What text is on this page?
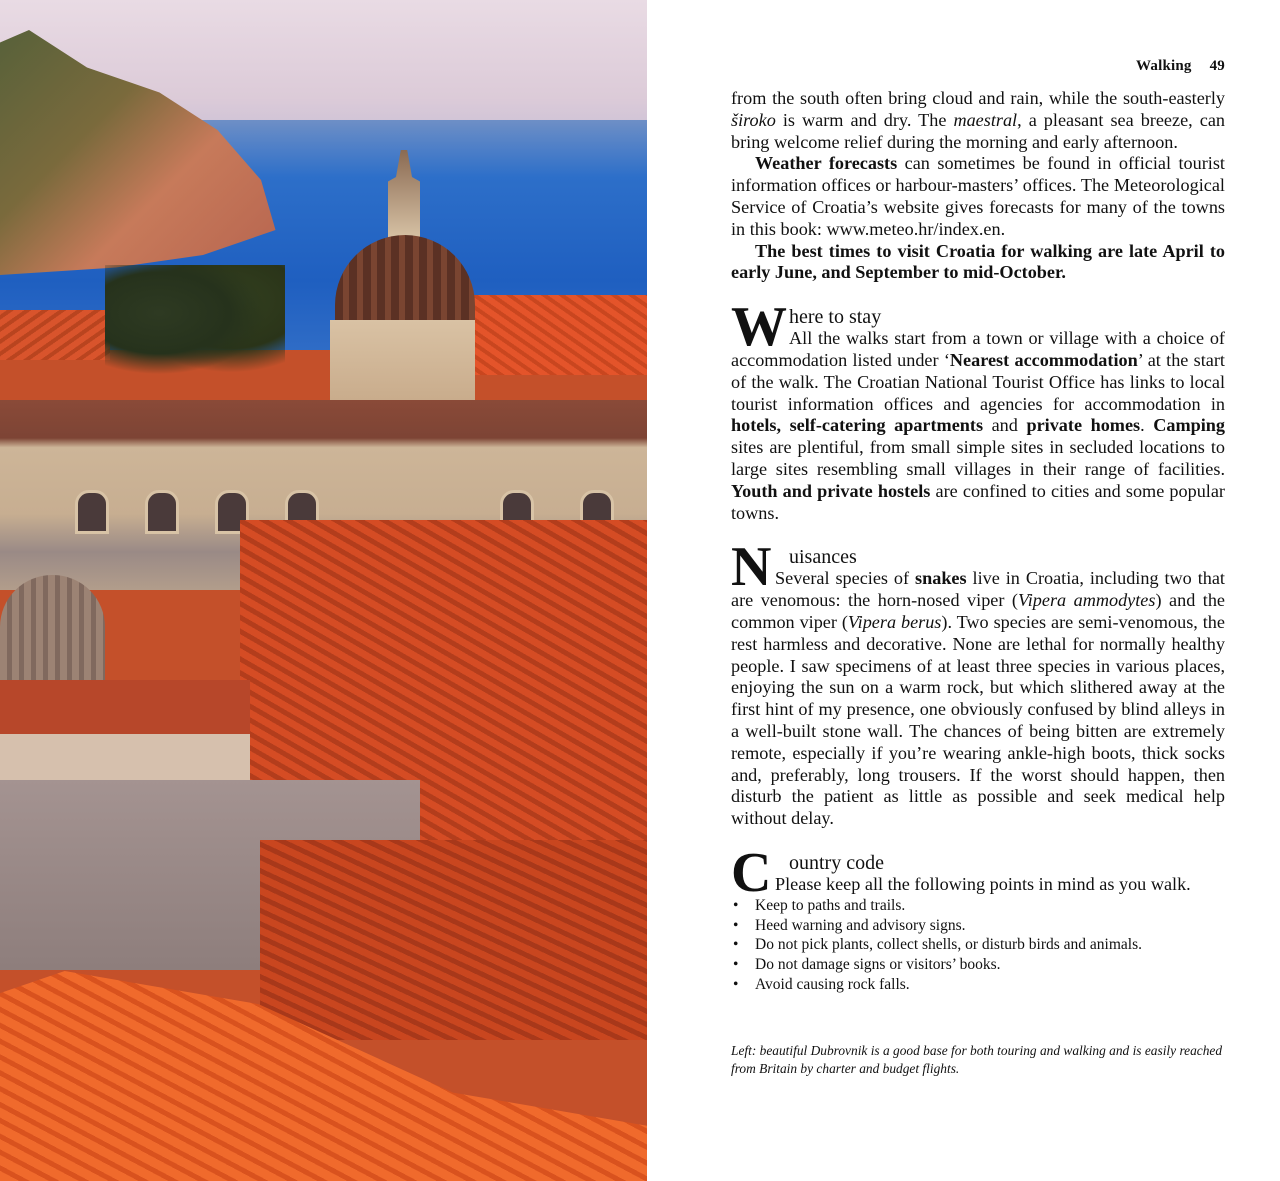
Walking 49

from the south often bring cloud and rain, while the south-easterly široko is warm and dry. The maestral, a pleasant sea breeze, can bring welcome relief during the morning and early afternoon.

Weather forecasts can sometimes be found in official tourist information offices or harbour-masters’ offices. The Meteorological Service of Croatia’s website gives forecasts for many of the towns in this book: www.meteo.hr/index.en.

The best times to visit Croatia for walking are late April to early June, and September to mid-October.

W here to stay

All the walks start from a town or village with a choice of accommodation listed under ‘Nearest accommodation’ at the start of the walk. The Croatian National Tourist Office has links to local tourist information offices and agencies for accommodation in hotels, self-catering apartments and private homes. Camping sites are plentiful, from small simple sites in secluded locations to large sites resembling small villages in their range of facilities. Youth and private hostels are confined to cities and some popular towns.

N uisances

Several species of snakes live in Croatia, including two that are venomous: the horn-nosed viper (Vipera ammodytes) and the common viper (Vipera berus). Two species are semi-venomous, the rest harmless and decorative. None are lethal for normally healthy people. I saw specimens of at least three species in various places, enjoying the sun on a warm rock, but which slithered away at the first hint of my presence, one obviously confused by blind alleys in a well-built stone wall. The chances of being bitten are extremely remote, especially if you’re wearing ankle-high boots, thick socks and, preferably, long trousers. If the worst should happen, then disturb the patient as little as possible and seek medical help without delay.

C ountry code

Please keep all the following points in mind as you walk.

• Keep to paths and trails.
• Heed warning and advisory signs.
• Do not pick plants, collect shells, or disturb birds and animals.
• Do not damage signs or visitors’ books.
• Avoid causing rock falls.
Left: beautiful Dubrovnik is a good base for both touring and walking and is easily reached from Britain by charter and budget flights.
